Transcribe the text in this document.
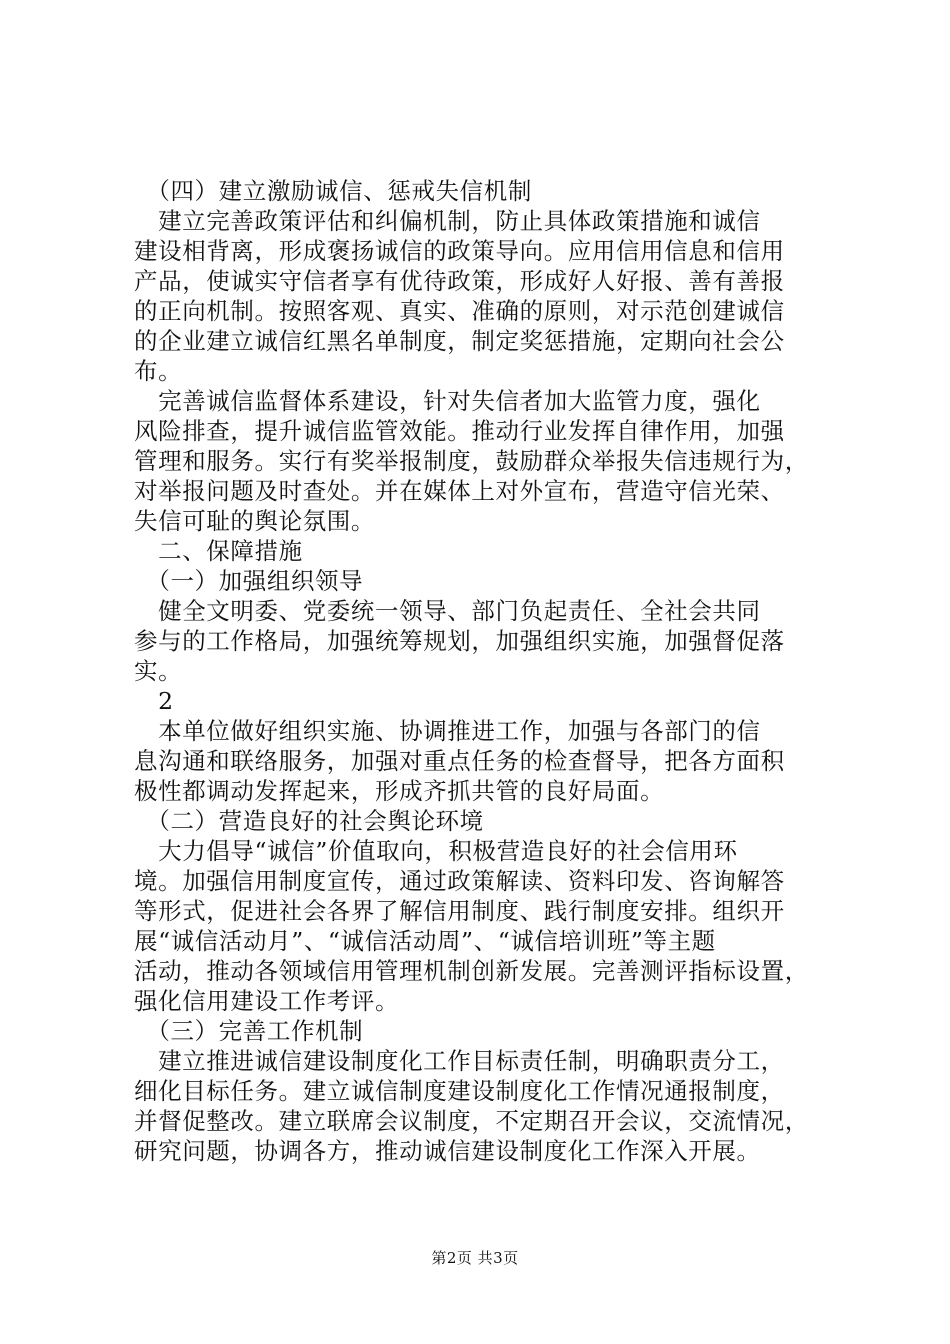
　（四）建立激励诚信、惩戒失信机制
　建立完善政策评估和纠偏机制，防止具体政策措施和诚信
建设相背离，形成褒扬诚信的政策导向。应用信用信息和信用
产品，使诚实守信者享有优待政策，形成好人好报、善有善报
的正向机制。按照客观、真实、准确的原则，对示范创建诚信
的企业建立诚信红黑名单制度，制定奖惩措施，定期向社会公
布。
　完善诚信监督体系建设，针对失信者加大监管力度，强化
风险排查，提升诚信监管效能。推动行业发挥自律作用，加强
管理和服务。实行有奖举报制度，鼓励群众举报失信违规行为，
对举报问题及时查处。并在媒体上对外宣布，营造守信光荣、
失信可耻的舆论氛围。
　二、保障措施
　（一）加强组织领导
　健全文明委、党委统一领导、部门负起责任、全社会共同
参与的工作格局，加强统筹规划，加强组织实施，加强督促落
实。
　2
　本单位做好组织实施、协调推进工作，加强与各部门的信
息沟通和联络服务，加强对重点任务的检查督导，把各方面积
极性都调动发挥起来，形成齐抓共管的良好局面。
　（二）营造良好的社会舆论环境
　大力倡导“诚信”价值取向，积极营造良好的社会信用环
境。加强信用制度宣传，通过政策解读、资料印发、咨询解答
等形式，促进社会各界了解信用制度、践行制度安排。组织开
展“诚信活动月”、“诚信活动周”、“诚信培训班”等主题
活动，推动各领域信用管理机制创新发展。完善测评指标设置，
强化信用建设工作考评。
　（三）完善工作机制
　建立推进诚信建设制度化工作目标责任制，明确职责分工，
细化目标任务。建立诚信制度建设制度化工作情况通报制度，
并督促整改。建立联席会议制度，不定期召开会议，交流情况，
研究问题，协调各方，推动诚信建设制度化工作深入开展。
第2页 共3页
